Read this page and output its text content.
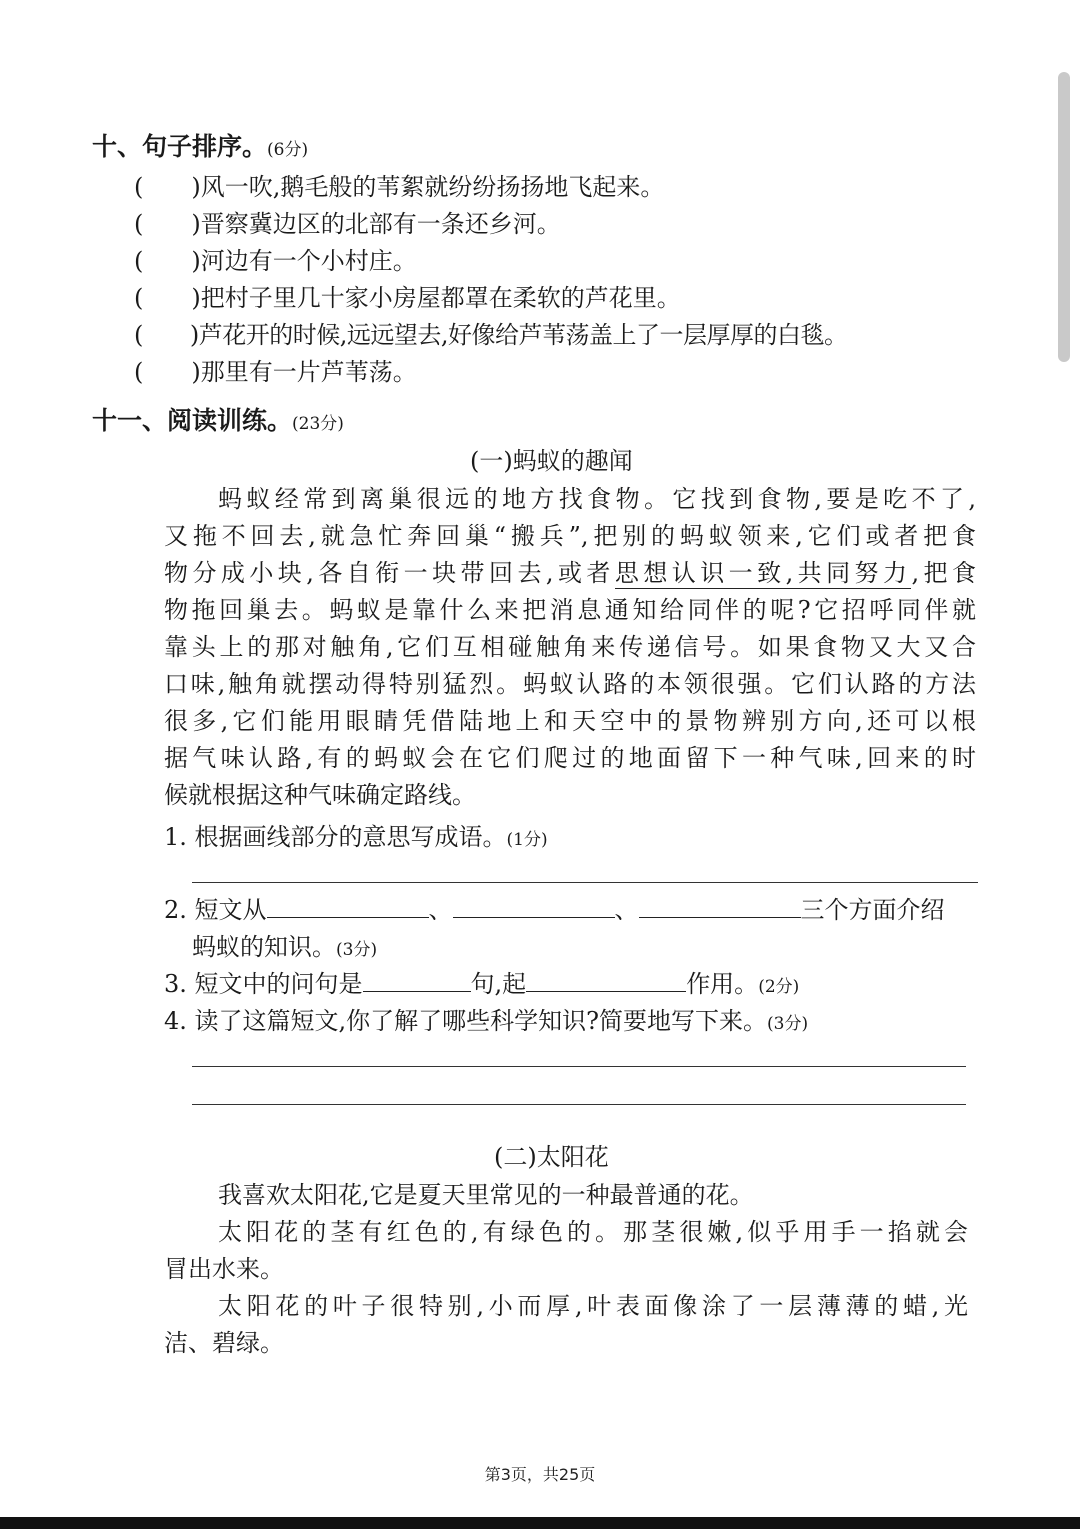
十、句子排序。(6分)
(　　)风一吹,鹅毛般的苇絮就纷纷扬扬地飞起来。
(　　)晋察冀边区的北部有一条还乡河。
(　　)河边有一个小村庄。
(　　)把村子里几十家小房屋都罩在柔软的芦花里。
(　　)芦花开的时候,远远望去,好像给芦苇荡盖上了一层厚厚的白毯。
(　　)那里有一片芦苇荡。
十一、阅读训练。(23分)
(一)蚂蚁的趣闻
蚂蚁经常到离巢很远的地方找食物。它找到食物,要是吃不了,
又拖不回去,就急忙奔回巢“搬兵”,把别的蚂蚁领来,它们或者把食
物分成小块,各自衔一块带回去,或者思想认识一致,共同努力,把食
物拖回巢去。蚂蚁是靠什么来把消息通知给同伴的呢?它招呼同伴就
靠头上的那对触角,它们互相碰触角来传递信号。如果食物又大又合
口味,触角就摆动得特别猛烈。蚂蚁认路的本领很强。它们认路的方法
很多,它们能用眼睛凭借陆地上和天空中的景物辨别方向,还可以根
据气味认路,有的蚂蚁会在它们爬过的地面留下一种气味,回来的时
候就根据这种气味确定路线。
1. 根据画线部分的意思写成语。(1分)
2. 短文从	、	、	三个方面介绍
蚂蚁的知识。(3分)
3. 短文中的问句是	句,起	作用。(2分)
4. 读了这篇短文,你了解了哪些科学知识?简要地写下来。(3分)
(二)太阳花
我喜欢太阳花,它是夏天里常见的一种最普通的花。
太阳花的茎有红色的,有绿色的。那茎很嫩,似乎用手一掐就会
冒出水来。
太阳花的叶子很特别,小而厚,叶表面像涂了一层薄薄的蜡,光
洁、碧绿。
第3页，共25页
